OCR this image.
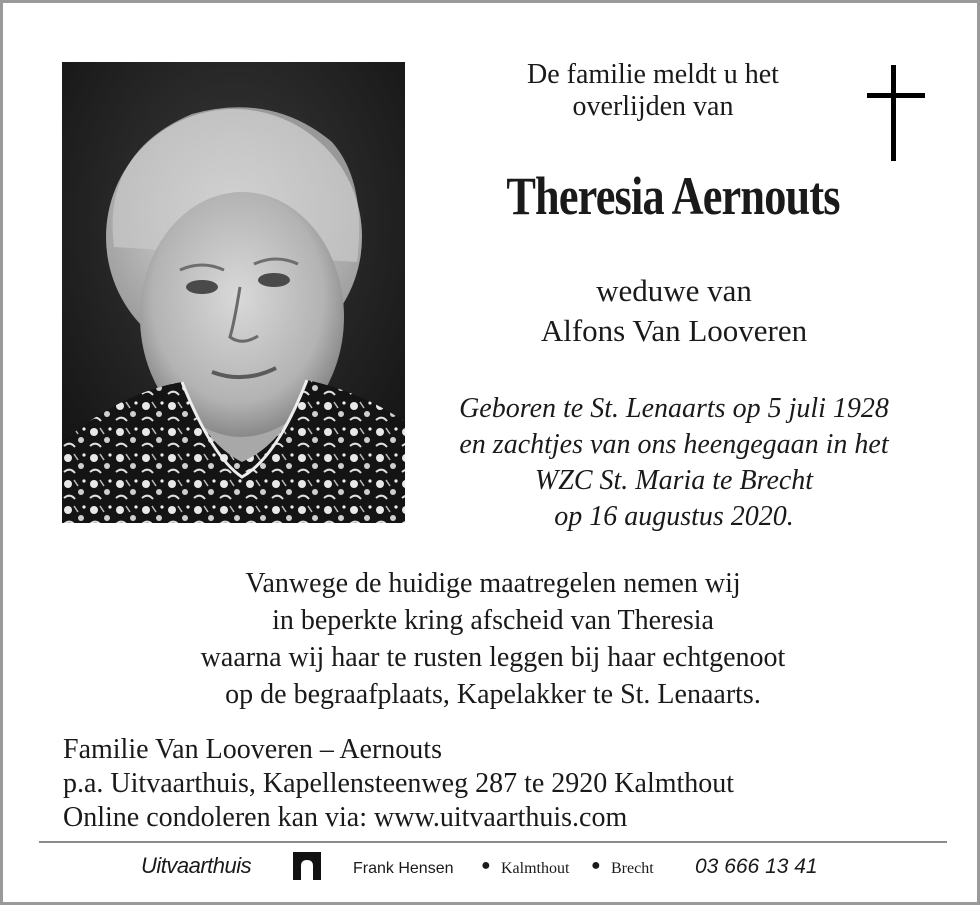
De familie meldt u het
overlijden van
Theresia Aernouts
weduwe van
Alfons Van Looveren
Geboren te St. Lenaarts op 5 juli 1928
en zachtjes van ons heengegaan in het
WZC St. Maria te Brecht
op 16 augustus 2020.
Vanwege de huidige maatregelen nemen wij
in beperkte kring afscheid van Theresia
waarna wij haar te rusten leggen bij haar echtgenoot
op de begraafplaats, Kapelakker te St. Lenaarts.
Familie Van Looveren – Aernouts
p.a. Uitvaarthuis, Kapellensteenweg 287 te 2920 Kalmthout
Online condoleren kan via: www.uitvaarthuis.com
Uitvaarthuis	Frank Hensen ● Kalmthout ● Brecht 03 666 13 41
